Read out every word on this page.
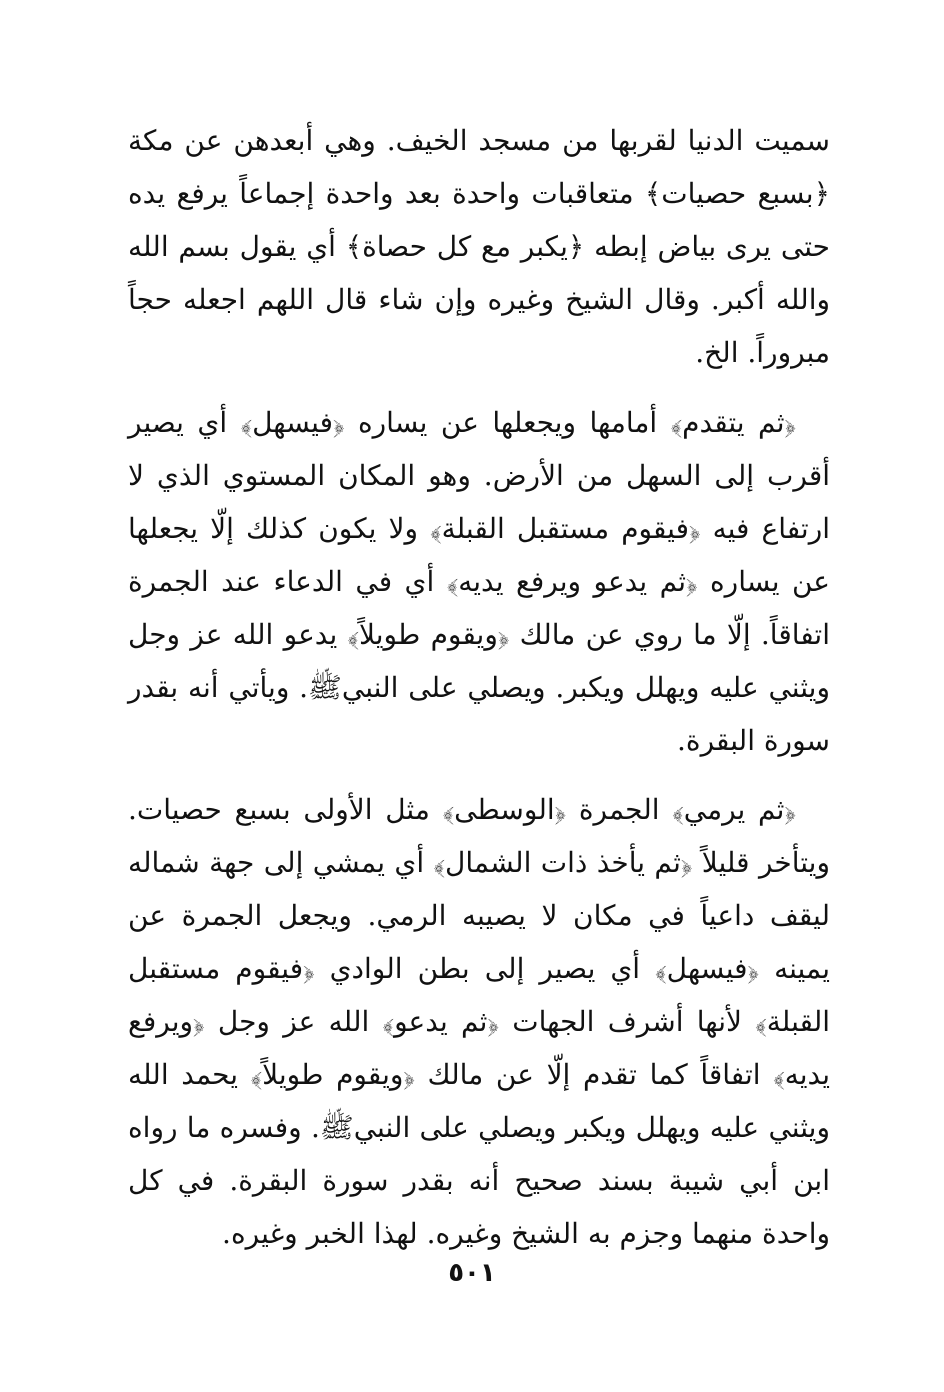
سميت الدنيا لقربها من مسجد الخيف. وهي أبعدهن عن مكة ﴿بسبع حصيات﴾ متعاقبات واحدة بعد واحدة إجماعاً يرفع يده حتى يرى بياض إبطه ﴿يكبر مع كل حصاة﴾ أي يقول بسم الله والله أكبر. وقال الشيخ وغيره وإن شاء قال اللهم اجعله حجاً مبروراً. الخ.

﴿ثم يتقدم﴾ أمامها ويجعلها عن يساره ﴿فيسهل﴾ أي يصير أقرب إلى السهل من الأرض. وهو المكان المستوي الذي لا ارتفاع فيه ﴿فيقوم مستقبل القبلة﴾ ولا يكون كذلك إلّا يجعلها عن يساره ﴿ثم يدعو ويرفع يديه﴾ أي في الدعاء عند الجمرة اتفاقاً. إلّا ما روي عن مالك ﴿ويقوم طويلاً﴾ يدعو الله عز وجل ويثني عليه ويهلل ويكبر. ويصلي على النبيﷺ. ويأتي أنه بقدر سورة البقرة.

﴿ثم يرمي﴾ الجمرة ﴿الوسطى﴾ مثل الأولى بسبع حصيات. ويتأخر قليلاً ﴿ثم يأخذ ذات الشمال﴾ أي يمشي إلى جهة شماله ليقف داعياً في مكان لا يصيبه الرمي. ويجعل الجمرة عن يمينه ﴿فيسهل﴾ أي يصير إلى بطن الوادي ﴿فيقوم مستقبل القبلة﴾ لأنها أشرف الجهات ﴿ثم يدعو﴾ الله عز وجل ﴿ويرفع يديه﴾ اتفاقاً كما تقدم إلّا عن مالك ﴿ويقوم طويلاً﴾ يحمد الله ويثني عليه ويهلل ويكبر ويصلي على النبيﷺ. وفسره ما رواه ابن أبي شيبة بسند صحيح أنه بقدر سورة البقرة. في كل واحدة منهما وجزم به الشيخ وغيره. لهذا الخبر وغيره.

٥٠١
